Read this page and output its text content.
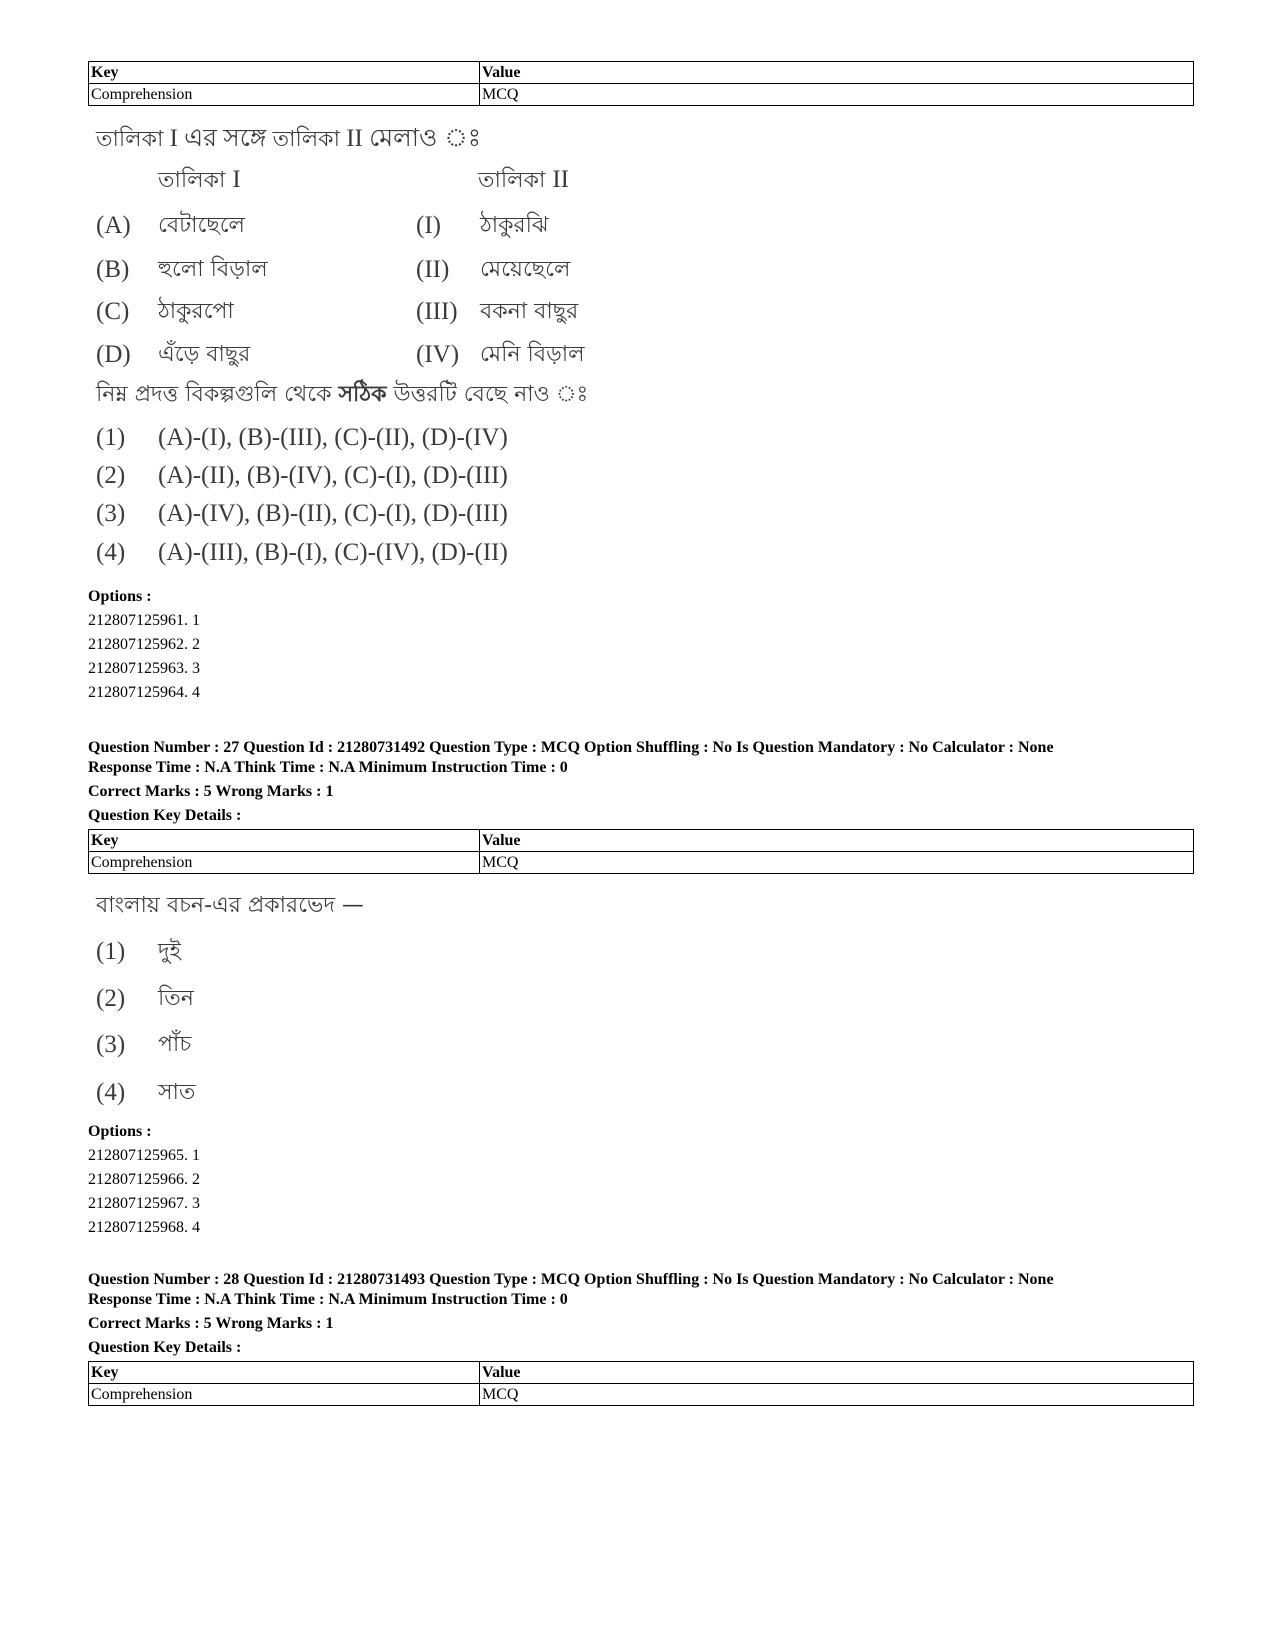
Key	Value
Comprehension	MCQ
তালিকা I এর সঙ্গে তালিকা II মেলাও ঃ
তালিকা I	তালিকা II
(A) বেটাছেলে	(I) ঠাকুরঝি
(B) হুলো বিড়াল	(II) মেয়েছেলে
(C) ঠাকুরপো	(III) বকনা বাছুর
(D) এঁড়ে বাছুর	(IV) মেনি বিড়াল
নিম্ন প্রদত্ত বিকল্পগুলি থেকে সঠিক উত্তরটি বেছে নাও ঃ
(1) (A)-(I), (B)-(III), (C)-(II), (D)-(IV)
(2) (A)-(II), (B)-(IV), (C)-(I), (D)-(III)
(3) (A)-(IV), (B)-(II), (C)-(I), (D)-(III)
(4) (A)-(III), (B)-(I), (C)-(IV), (D)-(II)
Options :
212807125961. 1
212807125962. 2
212807125963. 3
212807125964. 4
Question Number : 27 Question Id : 21280731492 Question Type : MCQ Option Shuffling : No Is Question Mandatory : No Calculator : None
Response Time : N.A Think Time : N.A Minimum Instruction Time : 0
Correct Marks : 5 Wrong Marks : 1
Question Key Details :
Key	Value
Comprehension	MCQ
বাংলায় বচন-এর প্রকারভেদ —
(1) দুই
(2) তিন
(3) পাঁচ
(4) সাত
Options :
212807125965. 1
212807125966. 2
212807125967. 3
212807125968. 4
Question Number : 28 Question Id : 21280731493 Question Type : MCQ Option Shuffling : No Is Question Mandatory : No Calculator : None
Response Time : N.A Think Time : N.A Minimum Instruction Time : 0
Correct Marks : 5 Wrong Marks : 1
Question Key Details :
Key	Value
Comprehension	MCQ
